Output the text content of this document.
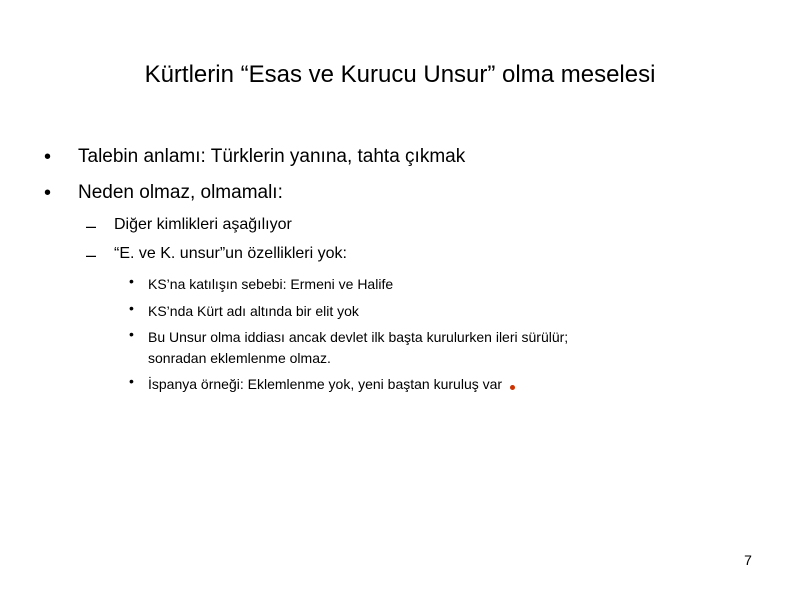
Kürtlerin “Esas ve Kurucu Unsur” olma meselesi
• Talebin anlamı: Türklerin yanına, tahta çıkmak
• Neden olmaz, olmamalı:
– Diğer kimlikleri aşağılıyor
– “E. ve K. unsur”un özellikleri yok:
• KS’na katılışın sebebi: Ermeni ve Halife
• KS’nda Kürt adı altında bir elit yok
• Bu Unsur olma iddiası ancak devlet ilk başta kurulurken ileri sürülür;
sonradan eklemlenme olmaz.
• İspanya örneği: Eklemlenme yok, yeni baştan kuruluş var
7
